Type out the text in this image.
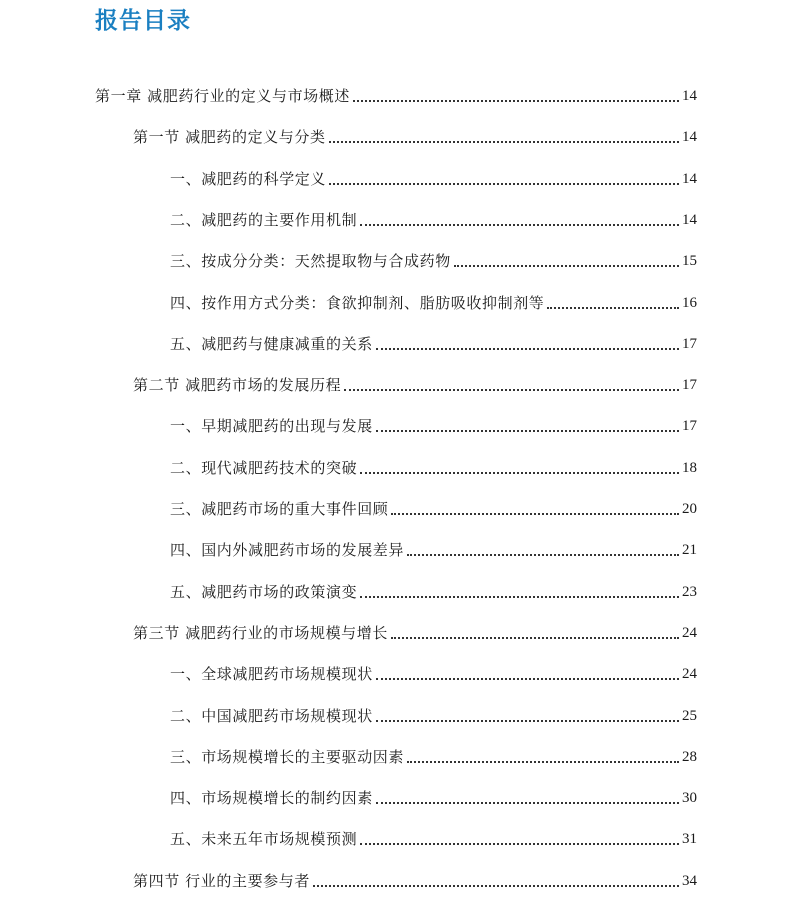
报告目录
第一章 减肥药行业的定义与市场概述	14
第一节 减肥药的定义与分类	14
一、减肥药的科学定义	14
二、减肥药的主要作用机制	14
三、按成分分类：天然提取物与合成药物	15
四、按作用方式分类：食欲抑制剂、脂肪吸收抑制剂等	16
五、减肥药与健康减重的关系	17
第二节 减肥药市场的发展历程	17
一、早期减肥药的出现与发展	17
二、现代减肥药技术的突破	18
三、减肥药市场的重大事件回顾	20
四、国内外减肥药市场的发展差异	21
五、减肥药市场的政策演变	23
第三节 减肥药行业的市场规模与增长	24
一、全球减肥药市场规模现状	24
二、中国减肥药市场规模现状	25
三、市场规模增长的主要驱动因素	28
四、市场规模增长的制约因素	30
五、未来五年市场规模预测	31
第四节 行业的主要参与者	34
